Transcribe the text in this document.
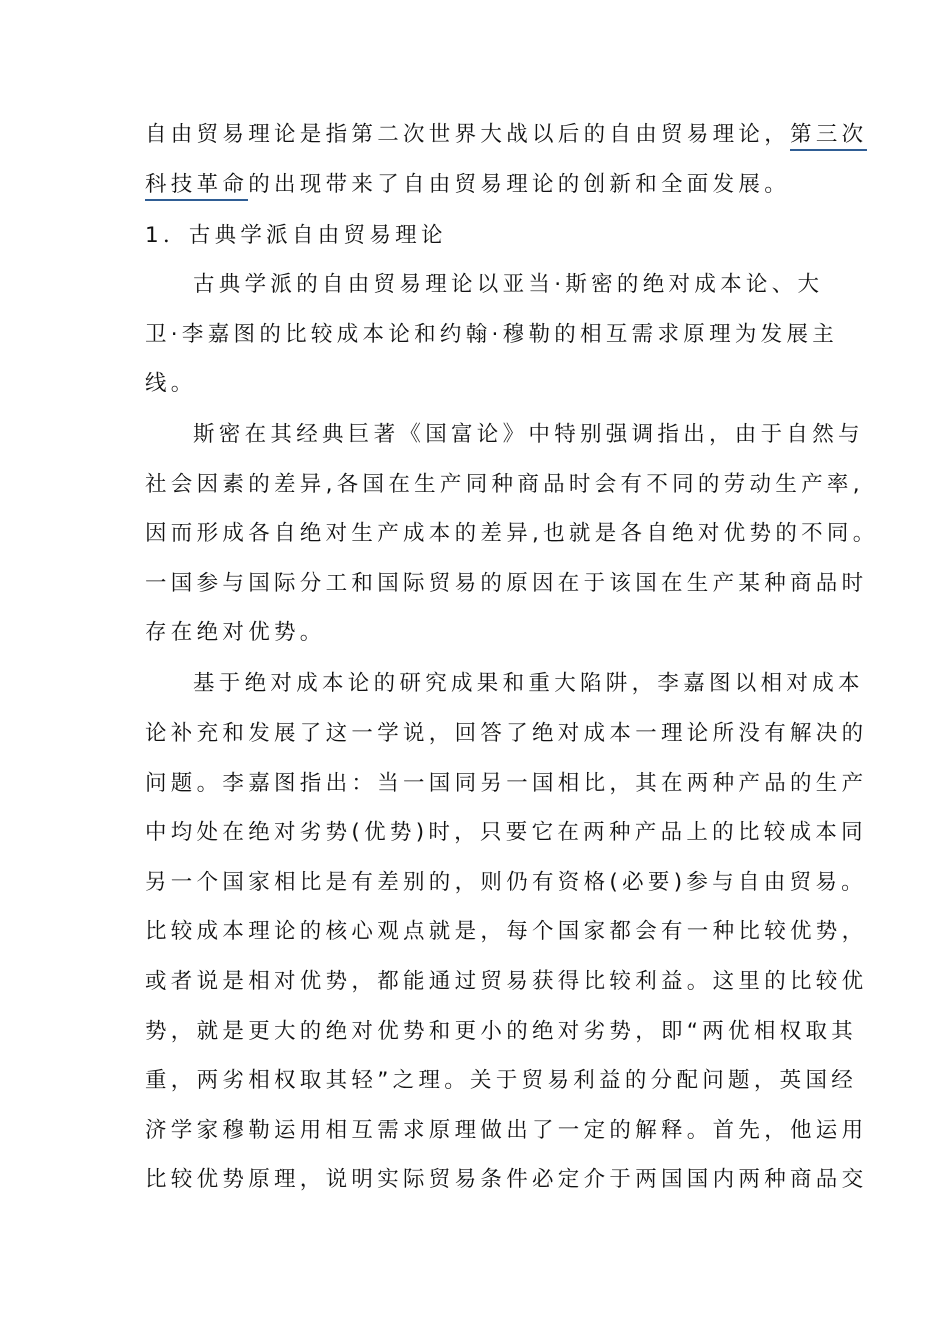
自由贸易理论是指第二次世界大战以后的自由贸易理论，第三次
科技革命的出现带来了自由贸易理论的创新和全面发展。
1．古典学派自由贸易理论
古典学派的自由贸易理论以亚当·斯密的绝对成本论、大
卫·李嘉图的比较成本论和约翰·穆勒的相互需求原理为发展主
线。
斯密在其经典巨著《国富论》中特别强调指出，由于自然与
社会因素的差异,各国在生产同种商品时会有不同的劳动生产率,
因而形成各自绝对生产成本的差异,也就是各自绝对优势的不同。
一国参与国际分工和国际贸易的原因在于该国在生产某种商品时
存在绝对优势。
基于绝对成本论的研究成果和重大陷阱，李嘉图以相对成本
论补充和发展了这一学说，回答了绝对成本一理论所没有解决的
问题。李嘉图指出：当一国同另一国相比，其在两种产品的生产
中均处在绝对劣势(优势)时，只要它在两种产品上的比较成本同
另一个国家相比是有差别的，则仍有资格(必要)参与自由贸易。
比较成本理论的核心观点就是，每个国家都会有一种比较优势，
或者说是相对优势，都能通过贸易获得比较利益。这里的比较优
势，就是更大的绝对优势和更小的绝对劣势，即“两优相权取其
重，两劣相权取其轻”之理。关于贸易利益的分配问题，英国经
济学家穆勒运用相互需求原理做出了一定的解释。首先，他运用
比较优势原理，说明实际贸易条件必定介于两国国内两种商品交
